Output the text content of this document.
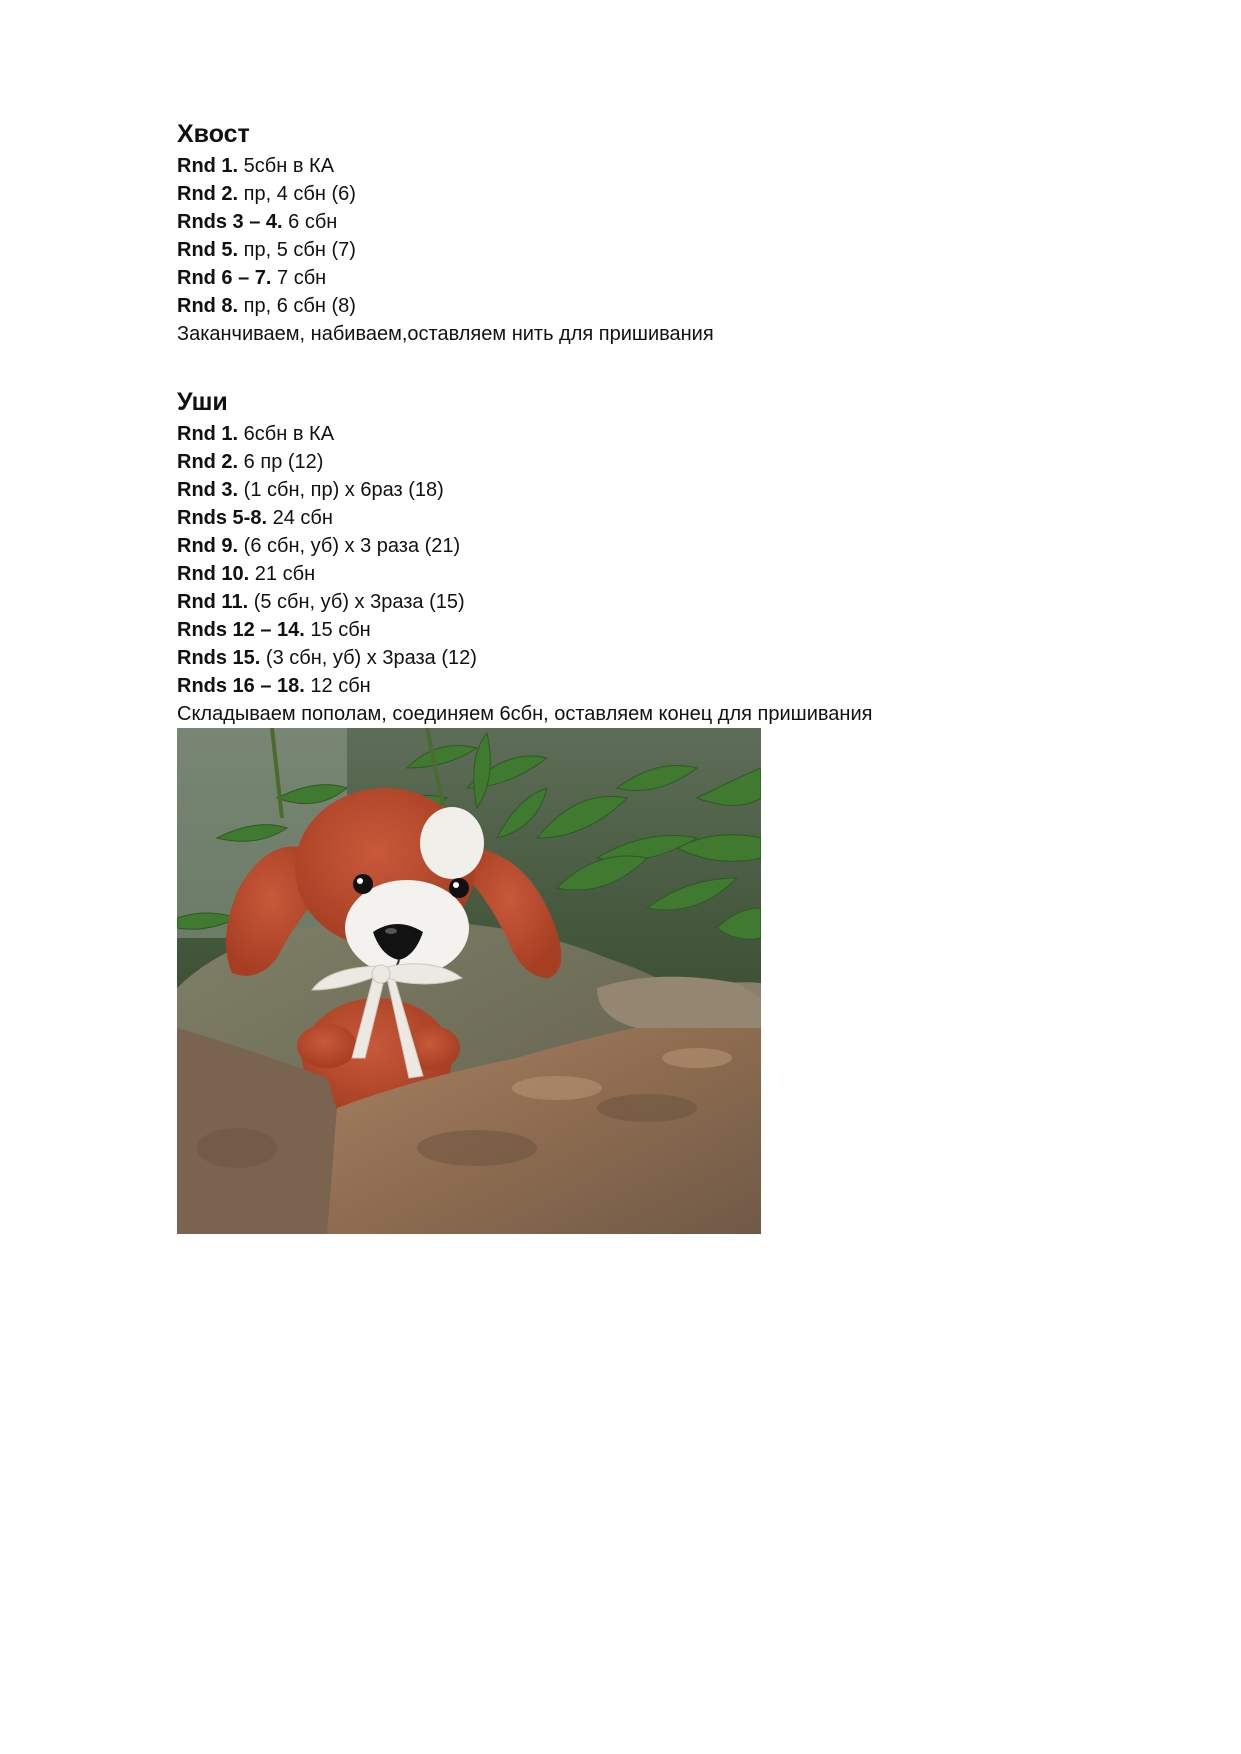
Хвост
Rnd 1. 5сбн в КА
Rnd 2. пр, 4 сбн (6)
Rnds 3 – 4. 6 сбн
Rnd 5. пр, 5 сбн (7)
Rnd 6 – 7. 7 сбн
Rnd 8. пр, 6 сбн (8)
Заканчиваем, набиваем,оставляем нить для пришивания
Уши
Rnd 1. 6сбн в КА
Rnd 2. 6 пр (12)
Rnd 3. (1 сбн, пр) х 6раз (18)
Rnds 5-8. 24 сбн
Rnd 9. (6 сбн, уб) х 3 раза (21)
Rnd 10. 21 сбн
Rnd 11. (5 сбн, уб) х 3раза (15)
Rnds 12 – 14. 15 сбн
Rnds 15. (3 сбн, уб) х 3раза (12)
Rnds 16 – 18. 12 сбн
Складываем пополам, соединяем 6сбн, оставляем конец для пришивания
